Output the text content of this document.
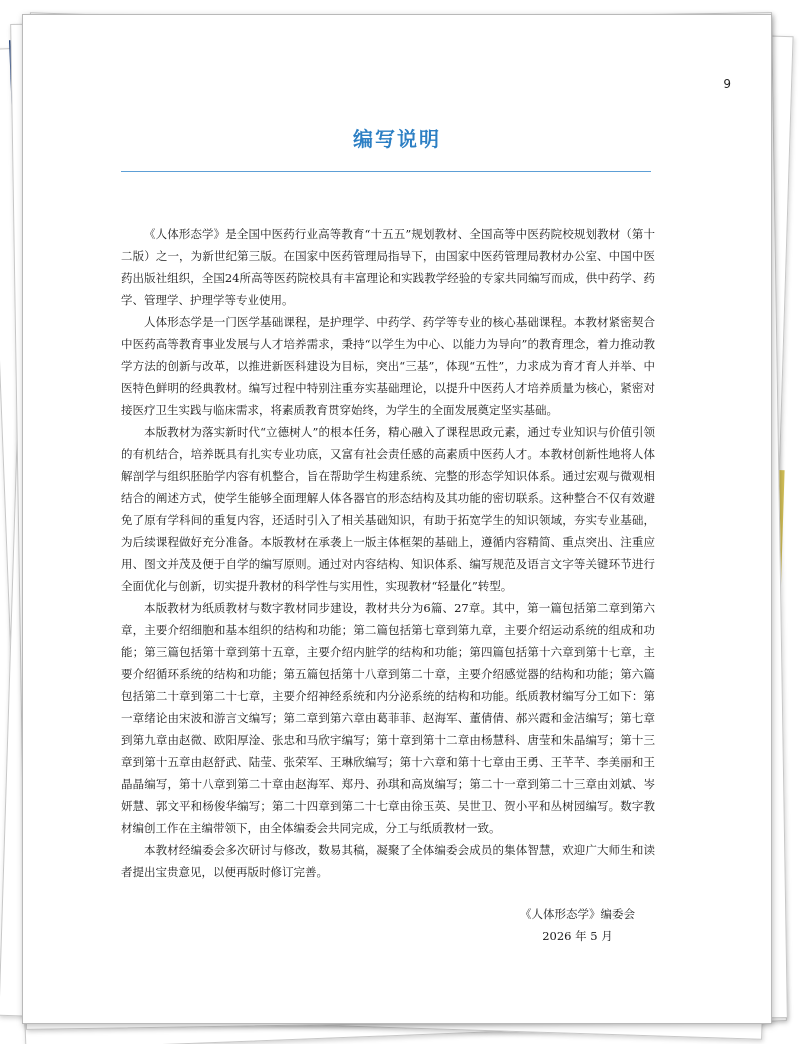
9
编写说明

《人体形态学》是全国中医药行业高等教育“十五五”规划教材、全国高等中医药院校规划教材（第十二版）之一，为新世纪第三版。在国家中医药管理局指导下，由国家中医药管理局教材办公室、中国中医药出版社组织，全国24所高等医药院校具有丰富理论和实践教学经验的专家共同编写而成，供中药学、药学、管理学、护理学等专业使用。

人体形态学是一门医学基础课程，是护理学、中药学、药学等专业的核心基础课程。本教材紧密契合中医药高等教育事业发展与人才培养需求，秉持“以学生为中心、以能力为导向”的教育理念，着力推动教学方法的创新与改革，以推进新医科建设为目标，突出“三基”，体现“五性”，力求成为育才育人并举、中医特色鲜明的经典教材。编写过程中特别注重夯实基础理论，以提升中医药人才培养质量为核心，紧密对接医疗卫生实践与临床需求，将素质教育贯穿始终，为学生的全面发展奠定坚实基础。

本版教材为落实新时代“立德树人”的根本任务，精心融入了课程思政元素，通过专业知识与价值引领的有机结合，培养既具有扎实专业功底，又富有社会责任感的高素质中医药人才。本教材创新性地将人体解剖学与组织胚胎学内容有机整合，旨在帮助学生构建系统、完整的形态学知识体系。通过宏观与微观相结合的阐述方式，使学生能够全面理解人体各器官的形态结构及其功能的密切联系。这种整合不仅有效避免了原有学科间的重复内容，还适时引入了相关基础知识，有助于拓宽学生的知识领域，夯实专业基础，为后续课程做好充分准备。本版教材在承袭上一版主体框架的基础上，遵循内容精简、重点突出、注重应用、图文并茂及便于自学的编写原则。通过对内容结构、知识体系、编写规范及语言文字等关键环节进行全面优化与创新，切实提升教材的科学性与实用性，实现教材“轻量化”转型。

本版教材为纸质教材与数字教材同步建设，教材共分为6篇、27章。其中，第一篇包括第二章到第六章，主要介绍细胞和基本组织的结构和功能；第二篇包括第七章到第九章，主要介绍运动系统的组成和功能；第三篇包括第十章到第十五章，主要介绍内脏学的结构和功能；第四篇包括第十六章到第十七章，主要介绍循环系统的结构和功能；第五篇包括第十八章到第二十章，主要介绍感觉器的结构和功能；第六篇包括第二十章到第二十七章，主要介绍神经系统和内分泌系统的结构和功能。纸质教材编写分工如下：第一章绪论由宋波和游言文编写；第二章到第六章由葛菲菲、赵海军、董倩倩、郝兴霞和金洁编写；第七章到第九章由赵微、欧阳厚淦、张忠和马欣宇编写；第十章到第十二章由杨慧科、唐莹和朱晶编写；第十三章到第十五章由赵舒武、陆莹、张荣军、王琳欣编写；第十六章和第十七章由王勇、王芊芊、李美丽和王晶晶编写，第十八章到第二十章由赵海军、郑丹、孙琪和高岚编写；第二十一章到第二十三章由刘斌、岑妍慧、郭文平和杨俊华编写；第二十四章到第二十七章由徐玉英、吴世卫、贺小平和丛树园编写。数字教材编创工作在主编带领下，由全体编委会共同完成，分工与纸质教材一致。

本教材经编委会多次研讨与修改，数易其稿，凝聚了全体编委会成员的集体智慧，欢迎广大师生和读者提出宝贵意见，以便再版时修订完善。

《人体形态学》编委会
2026 年 5 月
